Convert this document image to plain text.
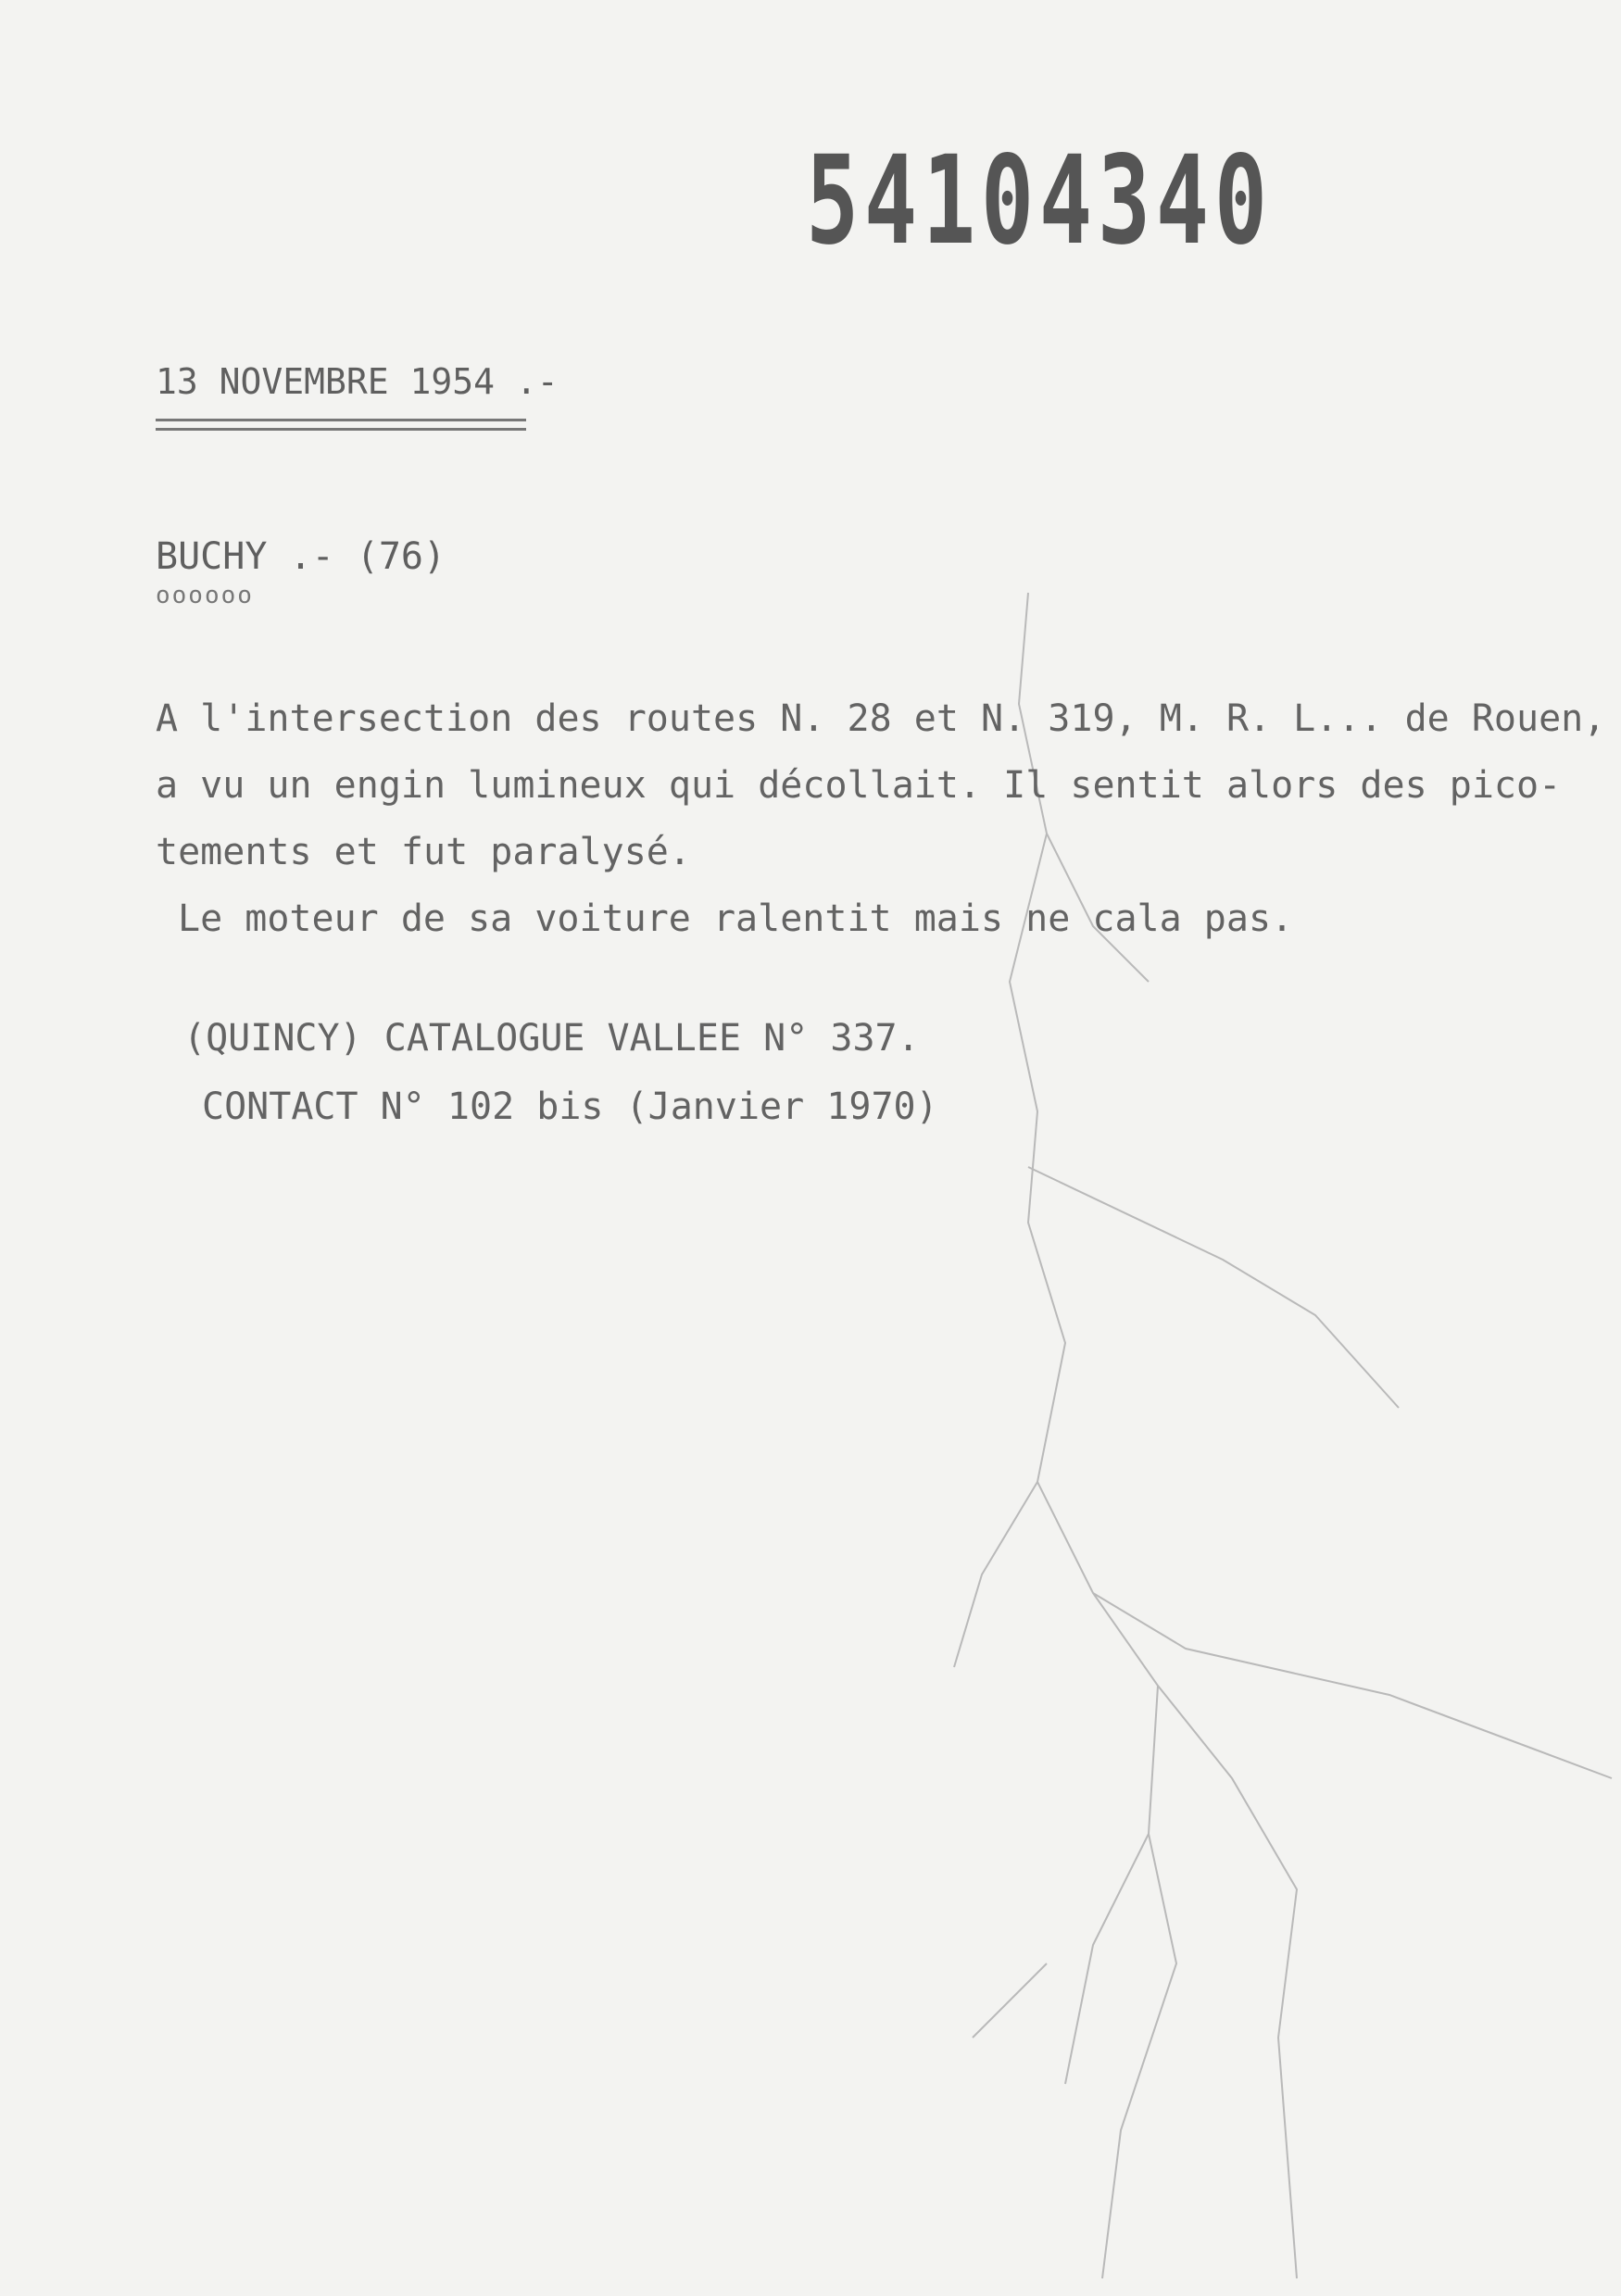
54104340
13 NOVEMBRE 1954 .-
BUCHY .- (76)
oooooo

A l'intersection des routes N. 28 et N. 319, M. R. L... de Rouen,

a vu un engin lumineux qui décollait. Il sentit alors des pico-

tements et fut paralysé.

Le moteur de sa voiture ralentit mais ne cala pas.

(QUINCY) CATALOGUE VALLEE N° 337.
CONTACT N° 102 bis (Janvier 1970)
